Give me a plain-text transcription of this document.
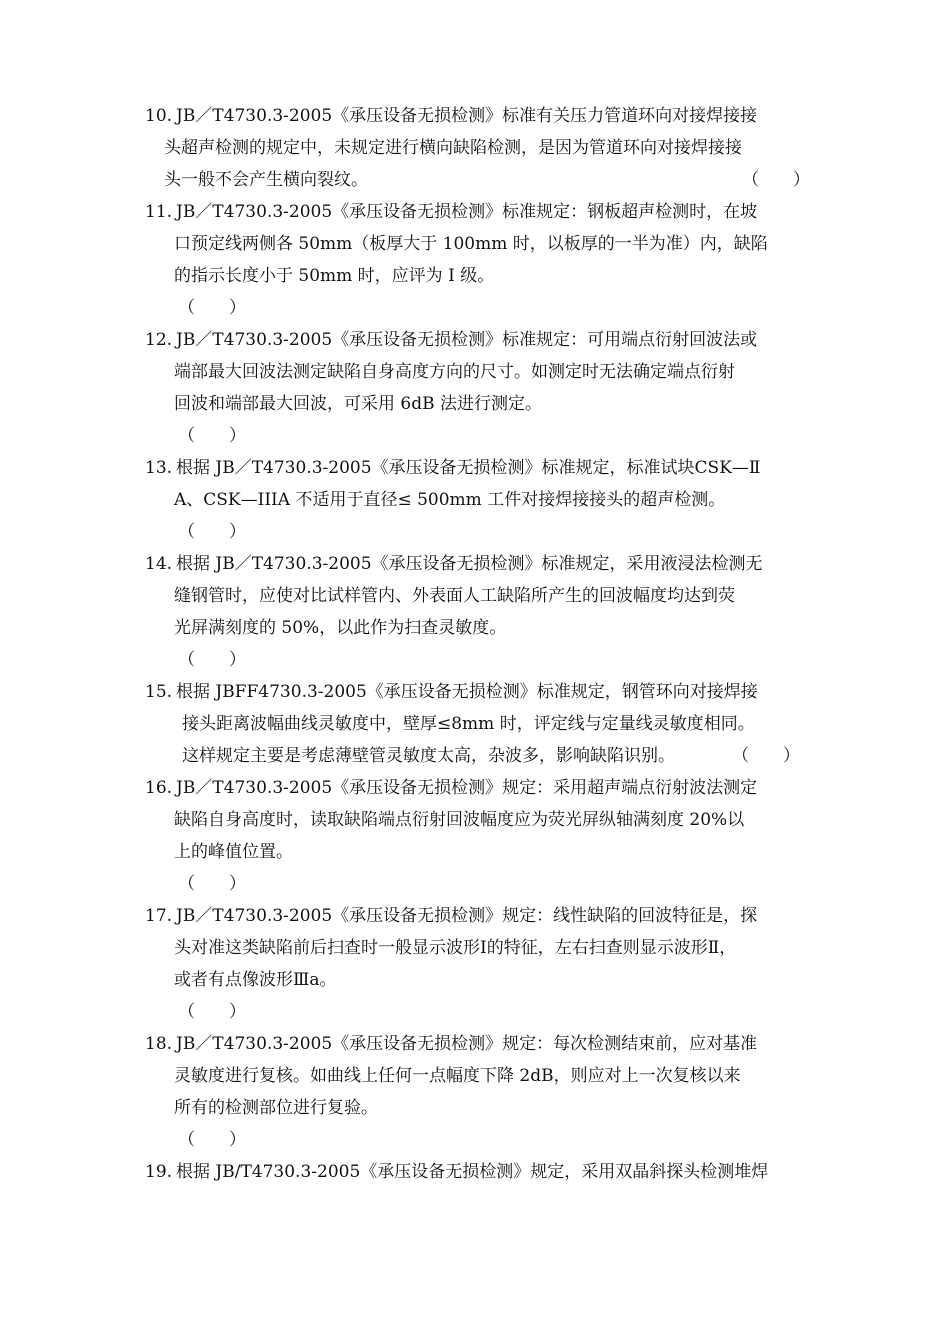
10. JB／T4730.3-2005《承压设备无损检测》标准有关压力管道环向对接焊接接
头超声检测的规定中，未规定进行横向缺陷检测，是因为管道环向对接焊接接
头一般不会产生横向裂纹。	（　　）
11. JB／T4730.3-2005《承压设备无损检测》标准规定：钢板超声检测时，在坡
口预定线两侧各 50mm（板厚大于 100mm 时，以板厚的一半为准）内，缺陷
的指示长度小于 50mm 时，应评为 I 级。
（　　）
12. JB／T4730.3-2005《承压设备无损检测》标准规定：可用端点衍射回波法或
端部最大回波法测定缺陷自身高度方向的尺寸。如测定时无法确定端点衍射
回波和端部最大回波，可采用 6dB 法进行测定。
（　　）
13. 根据 JB／T4730.3-2005《承压设备无损检测》标准规定，标准试块CSK—Ⅱ
A、CSK—IIIA 不适用于直径≤ 500mm 工件对接焊接接头的超声检测。
（　　）
14. 根据 JB／T4730.3-2005《承压设备无损检测》标准规定，采用液浸法检测无
缝钢管时，应使对比试样管内、外表面人工缺陷所产生的回波幅度均达到荧
光屏满刻度的 50%，以此作为扫查灵敏度。
（　　）
15. 根据 JBFF4730.3-2005《承压设备无损检测》标准规定，钢管环向对接焊接
接头距离波幅曲线灵敏度中，壁厚≤8mm 时，评定线与定量线灵敏度相同。
这样规定主要是考虑薄壁管灵敏度太高，杂波多，影响缺陷识别。	（　　）
16. JB／T4730.3-2005《承压设备无损检测》规定：采用超声端点衍射波法测定
缺陷自身高度时，读取缺陷端点衍射回波幅度应为荧光屏纵轴满刻度 20%以
上的峰值位置。
（　　）
17. JB／T4730.3-2005《承压设备无损检测》规定：线性缺陷的回波特征是，探
头对准这类缺陷前后扫查时一般显示波形Ⅰ的特征，左右扫查则显示波形Ⅱ，
或者有点像波形Ⅲa。
（　　）
18. JB／T4730.3-2005《承压设备无损检测》规定：每次检测结束前，应对基准
灵敏度进行复核。如曲线上任何一点幅度下降 2dB，则应对上一次复核以来
所有的检测部位进行复验。
（　　）
19. 根据 JB/T4730.3-2005《承压设备无损检测》规定，采用双晶斜探头检测堆焊
